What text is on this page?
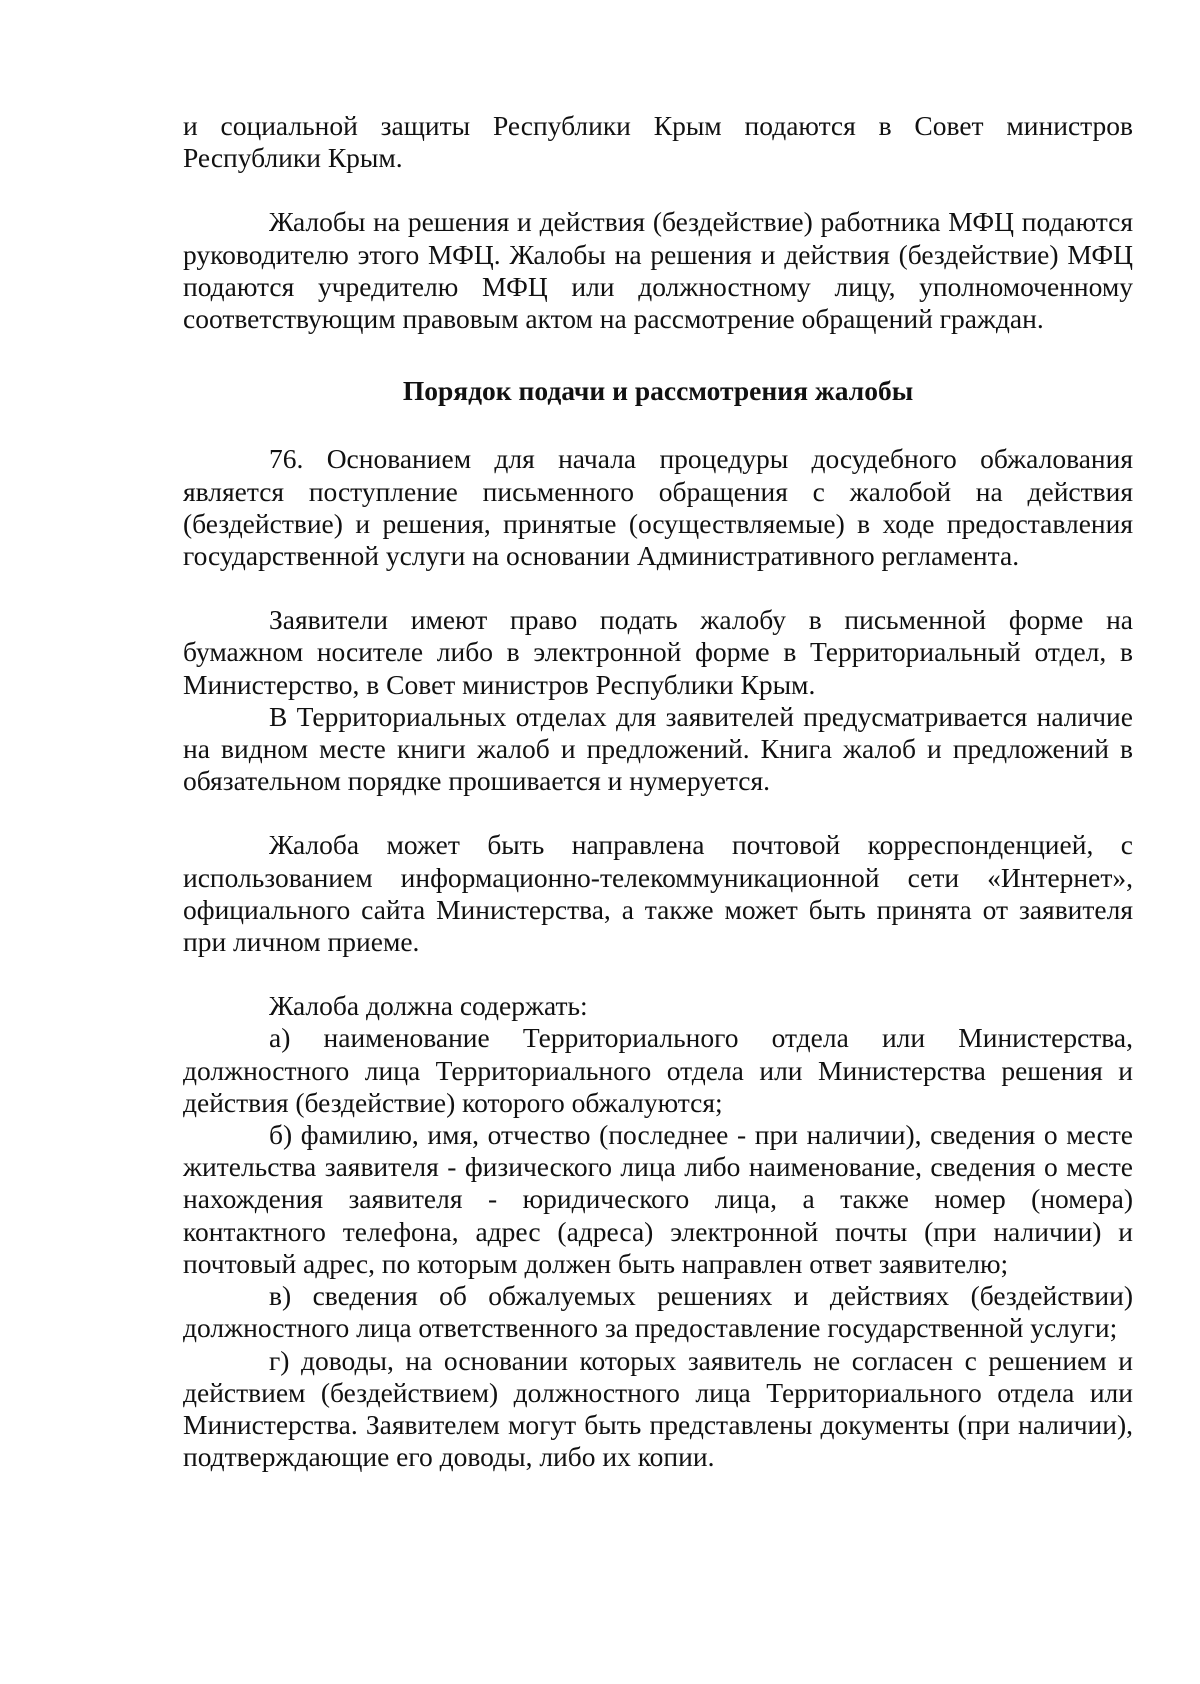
и социальной защиты Республики Крым подаются в Совет министров Республики Крым.

Жалобы на решения и действия (бездействие) работника МФЦ подаются руководителю этого МФЦ. Жалобы на решения и действия (бездействие) МФЦ подаются учредителю МФЦ или должностному лицу, уполномоченному соответствующим правовым актом на рассмотрение обращений граждан.

Порядок подачи и рассмотрения жалобы

76. Основанием для начала процедуры досудебного обжалования является поступление письменного обращения с жалобой на действия (бездействие) и решения, принятые (осуществляемые) в ходе предоставления государственной услуги на основании Административного регламента.

Заявители имеют право подать жалобу в письменной форме на бумажном носителе либо в электронной форме в Территориальный отдел, в Министерство, в Совет министров Республики Крым.

В Территориальных отделах для заявителей предусматривается наличие на видном месте книги жалоб и предложений. Книга жалоб и предложений в обязательном порядке прошивается и нумеруется.

Жалоба может быть направлена почтовой корреспонденцией, с использованием информационно-телекоммуникационной сети «Интернет», официального сайта Министерства, а также может быть принята от заявителя при личном приеме.

Жалоба должна содержать:

а) наименование Территориального отдела или Министерства, должностного лица Территориального отдела или Министерства решения и действия (бездействие) которого обжалуются;

б) фамилию, имя, отчество (последнее - при наличии), сведения о месте жительства заявителя - физического лица либо наименование, сведения о месте нахождения заявителя - юридического лица, а также номер (номера) контактного телефона, адрес (адреса) электронной почты (при наличии) и почтовый адрес, по которым должен быть направлен ответ заявителю;

в) сведения об обжалуемых решениях и действиях (бездействии) должностного лица ответственного за предоставление государственной услуги;

г) доводы, на основании которых заявитель не согласен с решением и действием (бездействием) должностного лица Территориального отдела или Министерства. Заявителем могут быть представлены документы (при наличии), подтверждающие его доводы, либо их копии.
